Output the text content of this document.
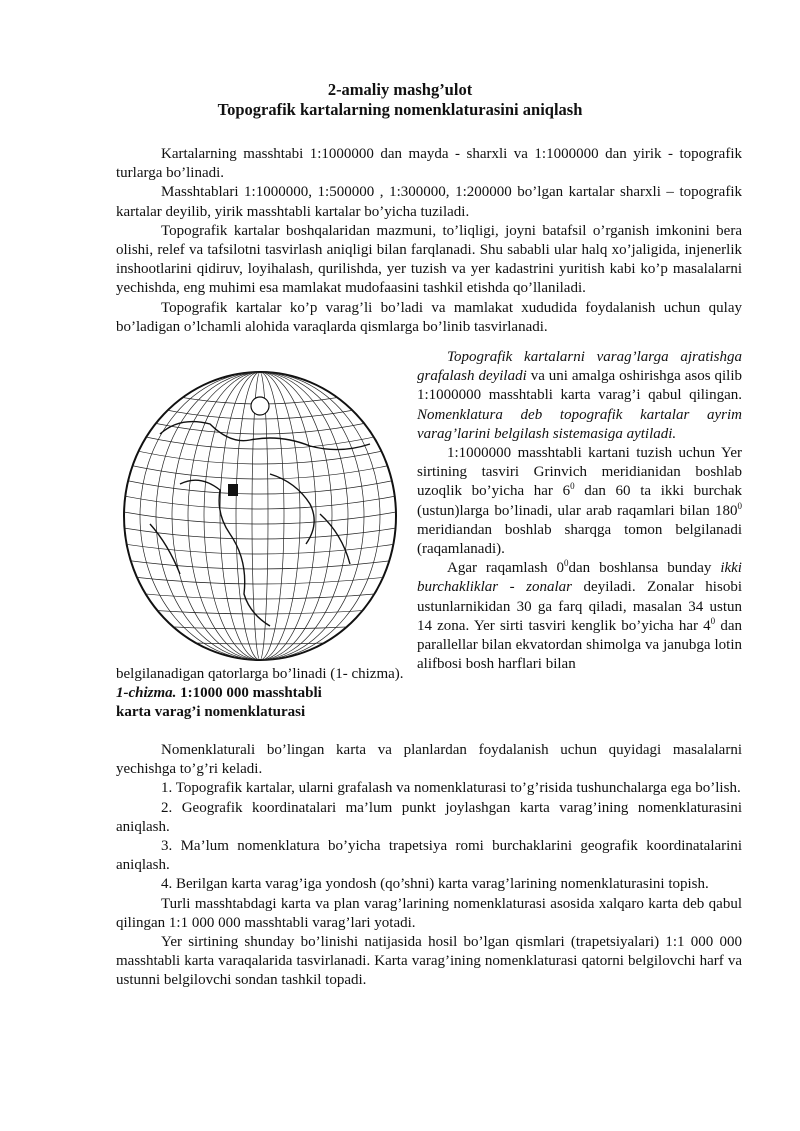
2-amaliy mashg’ulot
Topografik kartalarning nomenklaturasini aniqlash

Kartalarning masshtabi 1:1000000 dan mayda - sharxli va 1:1000000 dan yirik - topografik turlarga bo’linadi.

Masshtablari 1:1000000, 1:500000 , 1:300000, 1:200000 bo’lgan kartalar sharxli – topografik kartalar deyilib, yirik masshtabli kartalar bo’yicha tuziladi.

Topografik kartalar boshqalaridan mazmuni, to’liqligi, joyni batafsil o’rganish imkonini bera olishi, relef va tafsilotni tasvirlash aniqligi bilan farqlanadi. Shu sababli ular halq xo’jaligida, injenerlik inshootlarini qidiruv, loyihalash, qurilishda, yer tuzish va yer kadastrini yuritish kabi ko’p masalalarni yechishda, eng muhimi esa mamlakat mudofaasini tashkil etishda qo’llaniladi.

Topografik kartalar ko’p varag’li bo’ladi va mamlakat xududida foydalanish uchun qulay bo’ladigan o’lchamli alohida varaqlarda qismlarga bo’linib tasvirlanadi.

Topografik kartalarni varag’larga ajratishga grafalash deyiladi va uni amalga oshirishga asos qilib 1:1000000 masshtabli karta varag’i qabul qilingan. Nomenklatura deb topografik kartalar ayrim varag’larini belgilash sistemasiga aytiladi.

1:1000000 masshtabli kartani tuzish uchun Yer sirtining tasviri Grinvich meridianidan boshlab uzoqlik bo’yicha har $6^0$ dan 60 ta ikki burchak (ustun)larga bo’linadi, ular arab raqamlari bilan $180^0$ meridiandan boshlab sharqga tomon belgilanadi (raqamlanadi).

Agar raqamlash $0^0dan$ boshlansa bunday ikki burchakliklar - zonalar deyiladi. Zonalar hisobi ustunlarnikidan 30 ga farq qiladi, masalan 34 ustun 14 zona. Yer sirti tasviri kenglik bo’yicha har $4^0$ dan parallellar bilan ekvatordan shimolga va janubga lotin alifbosi bosh harflari bilan

belgilanadigan qatorlarga bo’linadi (1- chizma).
1-chizma. 1:1000 000 masshtabli
karta varag’i nomenklaturasi

Nomenklaturali bo’lingan karta va planlardan foydalanish uchun quyidagi masalalarni yechishga to’g’ri keladi.

1. Topografik kartalar, ularni grafalash va nomenklaturasi to’g’risida tushunchalarga ega bo’lish.

2. Geografik koordinatalari ma’lum punkt joylashgan karta varag’ining nomenklaturasini aniqlash.

3. Ma’lum nomenklatura bo’yicha trapetsiya romi burchaklarini geografik koordinatalarini aniqlash.

4. Berilgan karta varag’iga yondosh (qo’shni) karta varag’larining nomenklaturasini topish.

Turli masshtabdagi karta va plan varag’larining nomenklaturasi asosida xalqaro karta deb qabul qilingan 1:1 000 000 masshtabli varag’lari yotadi.

Yer sirtining shunday bo’linishi natijasida hosil bo’lgan qismlari (trapetsiyalari) 1:1 000 000 masshtabli karta varaqalarida tasvirlanadi. Karta varag’ining nomenklaturasi qatorni belgilovchi harf va ustunni belgilovchi sondan tashkil topadi.
